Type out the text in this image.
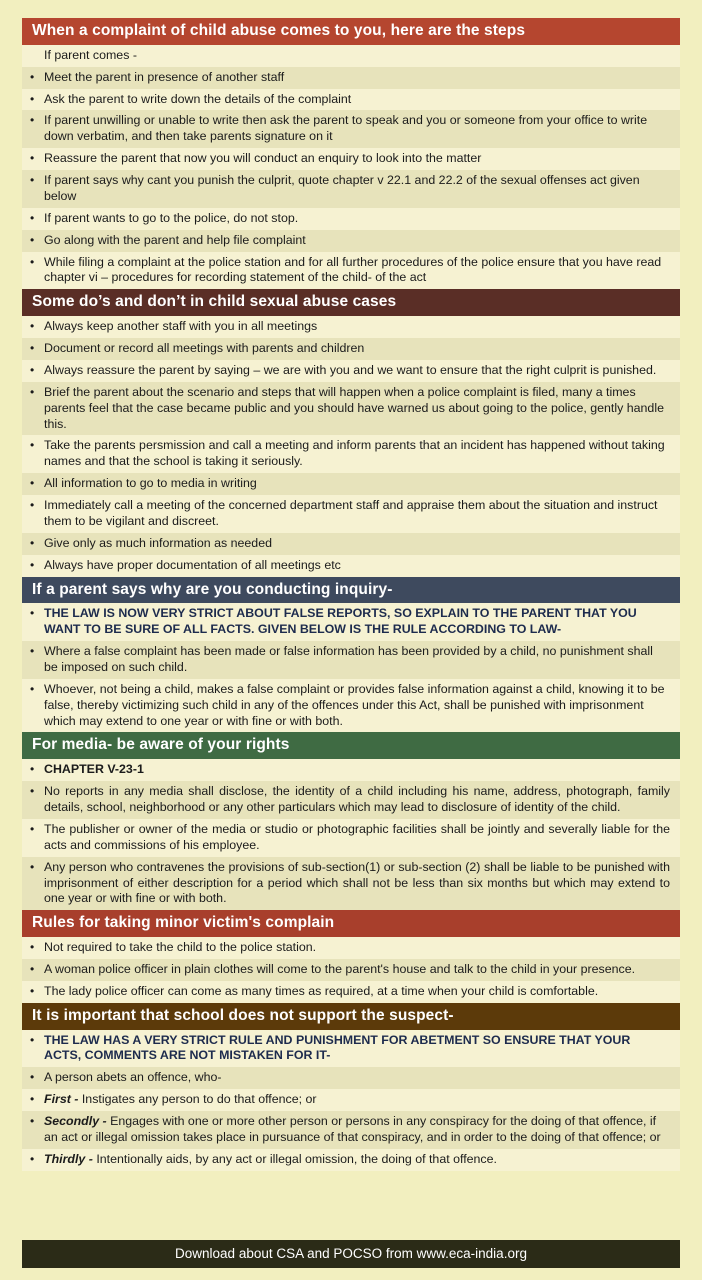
When a complaint of child abuse comes to you, here are the steps
If parent comes -
• Meet the parent in presence of another staff
• Ask the parent to write down the details of the complaint
• If parent unwilling or unable to write then ask the parent to speak and you or someone from your office to write down verbatim, and then take parents signature on it
• Reassure the parent that now you will conduct an enquiry to look into the matter
• If parent says why cant you punish the culprit, quote chapter v 22.1 and 22.2 of the sexual offenses act given below
• If parent wants to go to the police, do not stop.
• Go along with the parent and help file complaint
• While filing a complaint at the police station and for all further procedures of the police ensure that you have read chapter vi – procedures for recording statement of the child- of the act
Some do’s and don’t in child sexual abuse cases
• Always keep another staff with you in all meetings
• Document or record all meetings with parents and children
• Always reassure the parent by saying – we are with you and we want to ensure that the right culprit is punished.
• Brief the parent about the scenario and steps that will happen when a police complaint is filed, many a times parents feel that the case became public and you should have warned us about going to the police, gently handle this.
• Take the parents persmission and call a meeting and inform parents that an incident has happened without taking names and that the school is taking it seriously.
• All information to go to media in writing
• Immediately call a meeting of the concerned department staff and appraise them about the situation and instruct them to be vigilant and discreet.
• Give only as much information as needed
• Always have proper documentation of all meetings etc
If a parent says why are you conducting inquiry-
• THE LAW IS NOW VERY STRICT ABOUT FALSE REPORTS, SO EXPLAIN TO THE PARENT THAT YOU WANT TO BE SURE OF ALL FACTS. GIVEN BELOW IS THE RULE ACCORDING TO LAW-
• Where a false complaint has been made or false information has been provided by a child, no punishment shall be imposed on such child.
• Whoever, not being a child, makes a false complaint or provides false information against a child, knowing it to be false, thereby victimizing such child in any of the offences under this Act, shall be punished with imprisonment which may extend to one year or with fine or with both.
For media- be aware of your rights
• CHAPTER V-23-1
• No reports in any media shall disclose, the identity of a child including his name, address, photograph, family details, school, neighborhood or any other particulars which may lead to disclosure of identity of the child.
• The publisher or owner of the media or studio or photographic facilities shall be jointly and severally liable for the acts and commissions of his employee.
• Any person who contravenes the provisions of sub-section(1) or sub-section (2) shall be liable to be punished with imprisonment of either description for a period which shall not be less than six months but which may extend to one year or with fine or with both.
Rules for taking minor victim's complain
• Not required to take the child to the police station.
• A woman police officer in plain clothes will come to the parent's house and talk to the child in your presence.
• The lady police officer can come as many times as required, at a time when your child is comfortable.
It is important that school does not support the suspect-
• THE LAW HAS A VERY STRICT RULE AND PUNISHMENT FOR ABETMENT SO ENSURE THAT YOUR ACTS, COMMENTS ARE NOT MISTAKEN FOR IT-
• A person abets an offence, who-
• First - Instigates any person to do that offence; or
• Secondly - Engages with one or more other person or persons in any conspiracy for the doing of that offence, if an act or illegal omission takes place in pursuance of that conspiracy, and in order to the doing of that offence; or
• Thirdly - Intentionally aids, by any act or illegal omission, the doing of that offence.
Download about CSA and POCSO from www.eca-india.org
